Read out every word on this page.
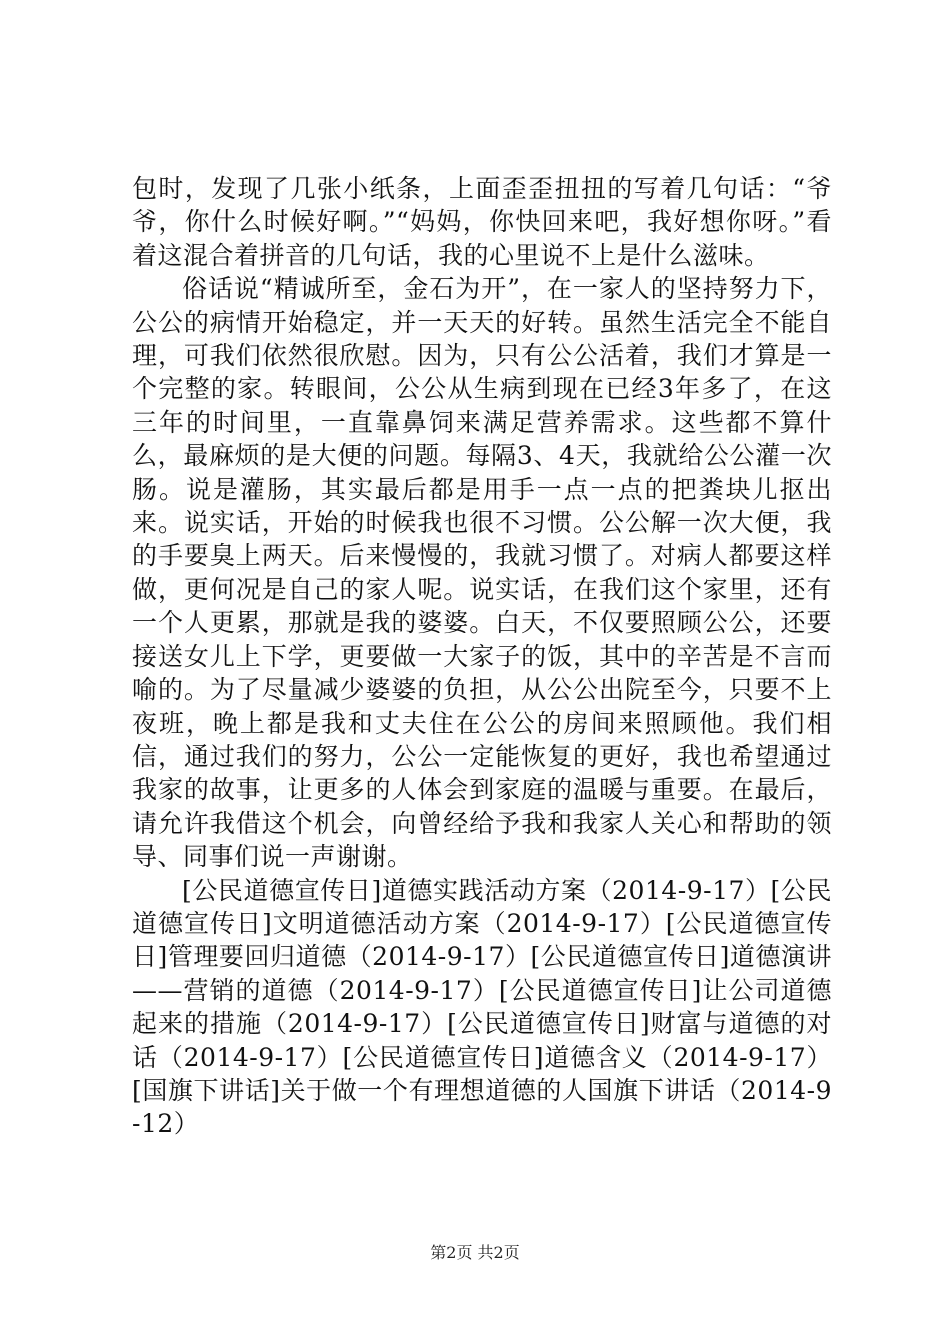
包时，发现了几张小纸条，上面歪歪扭扭的写着几句话：“爷爷，你什么时候好啊。”“妈妈，你快回来吧，我好想你呀。”看着这混合着拼音的几句话，我的心里说不上是什么滋味。

俗话说“精诚所至，金石为开”，在一家人的坚持努力下，公公的病情开始稳定，并一天天的好转。虽然生活完全不能自理，可我们依然很欣慰。因为，只有公公活着，我们才算是一个完整的家。转眼间，公公从生病到现在已经3年多了，在这三年的时间里，一直靠鼻饲来满足营养需求。这些都不算什么，最麻烦的是大便的问题。每隔3、4天，我就给公公灌一次肠。说是灌肠，其实最后都是用手一点一点的把粪块儿抠出来。说实话，开始的时候我也很不习惯。公公解一次大便，我的手要臭上两天。后来慢慢的，我就习惯了。对病人都要这样做，更何况是自己的家人呢。说实话，在我们这个家里，还有一个人更累，那就是我的婆婆。白天，不仅要照顾公公，还要接送女儿上下学，更要做一大家子的饭，其中的辛苦是不言而喻的。为了尽量减少婆婆的负担，从公公出院至今，只要不上夜班，晚上都是我和丈夫住在公公的房间来照顾他。我们相信，通过我们的努力，公公一定能恢复的更好，我也希望通过我家的故事，让更多的人体会到家庭的温暖与重要。在最后，请允许我借这个机会，向曾经给予我和我家人关心和帮助的领导、同事们说一声谢谢。

[公民道德宣传日]道德实践活动方案（2014-9-17）[公民道德宣传日]文明道德活动方案（2014-9-17）[公民道德宣传日]管理要回归道德（2014-9-17）[公民道德宣传日]道德演讲——营销的道德（2014-9-17）[公民道德宣传日]让公司道德起来的措施（2014-9-17）[公民道德宣传日]财富与道德的对话（2014-9-17）[公民道德宣传日]道德含义（2014-9-17）[国旗下讲话]关于做一个有理想道德的人国旗下讲话（2014-9-12）

第2页 共2页
